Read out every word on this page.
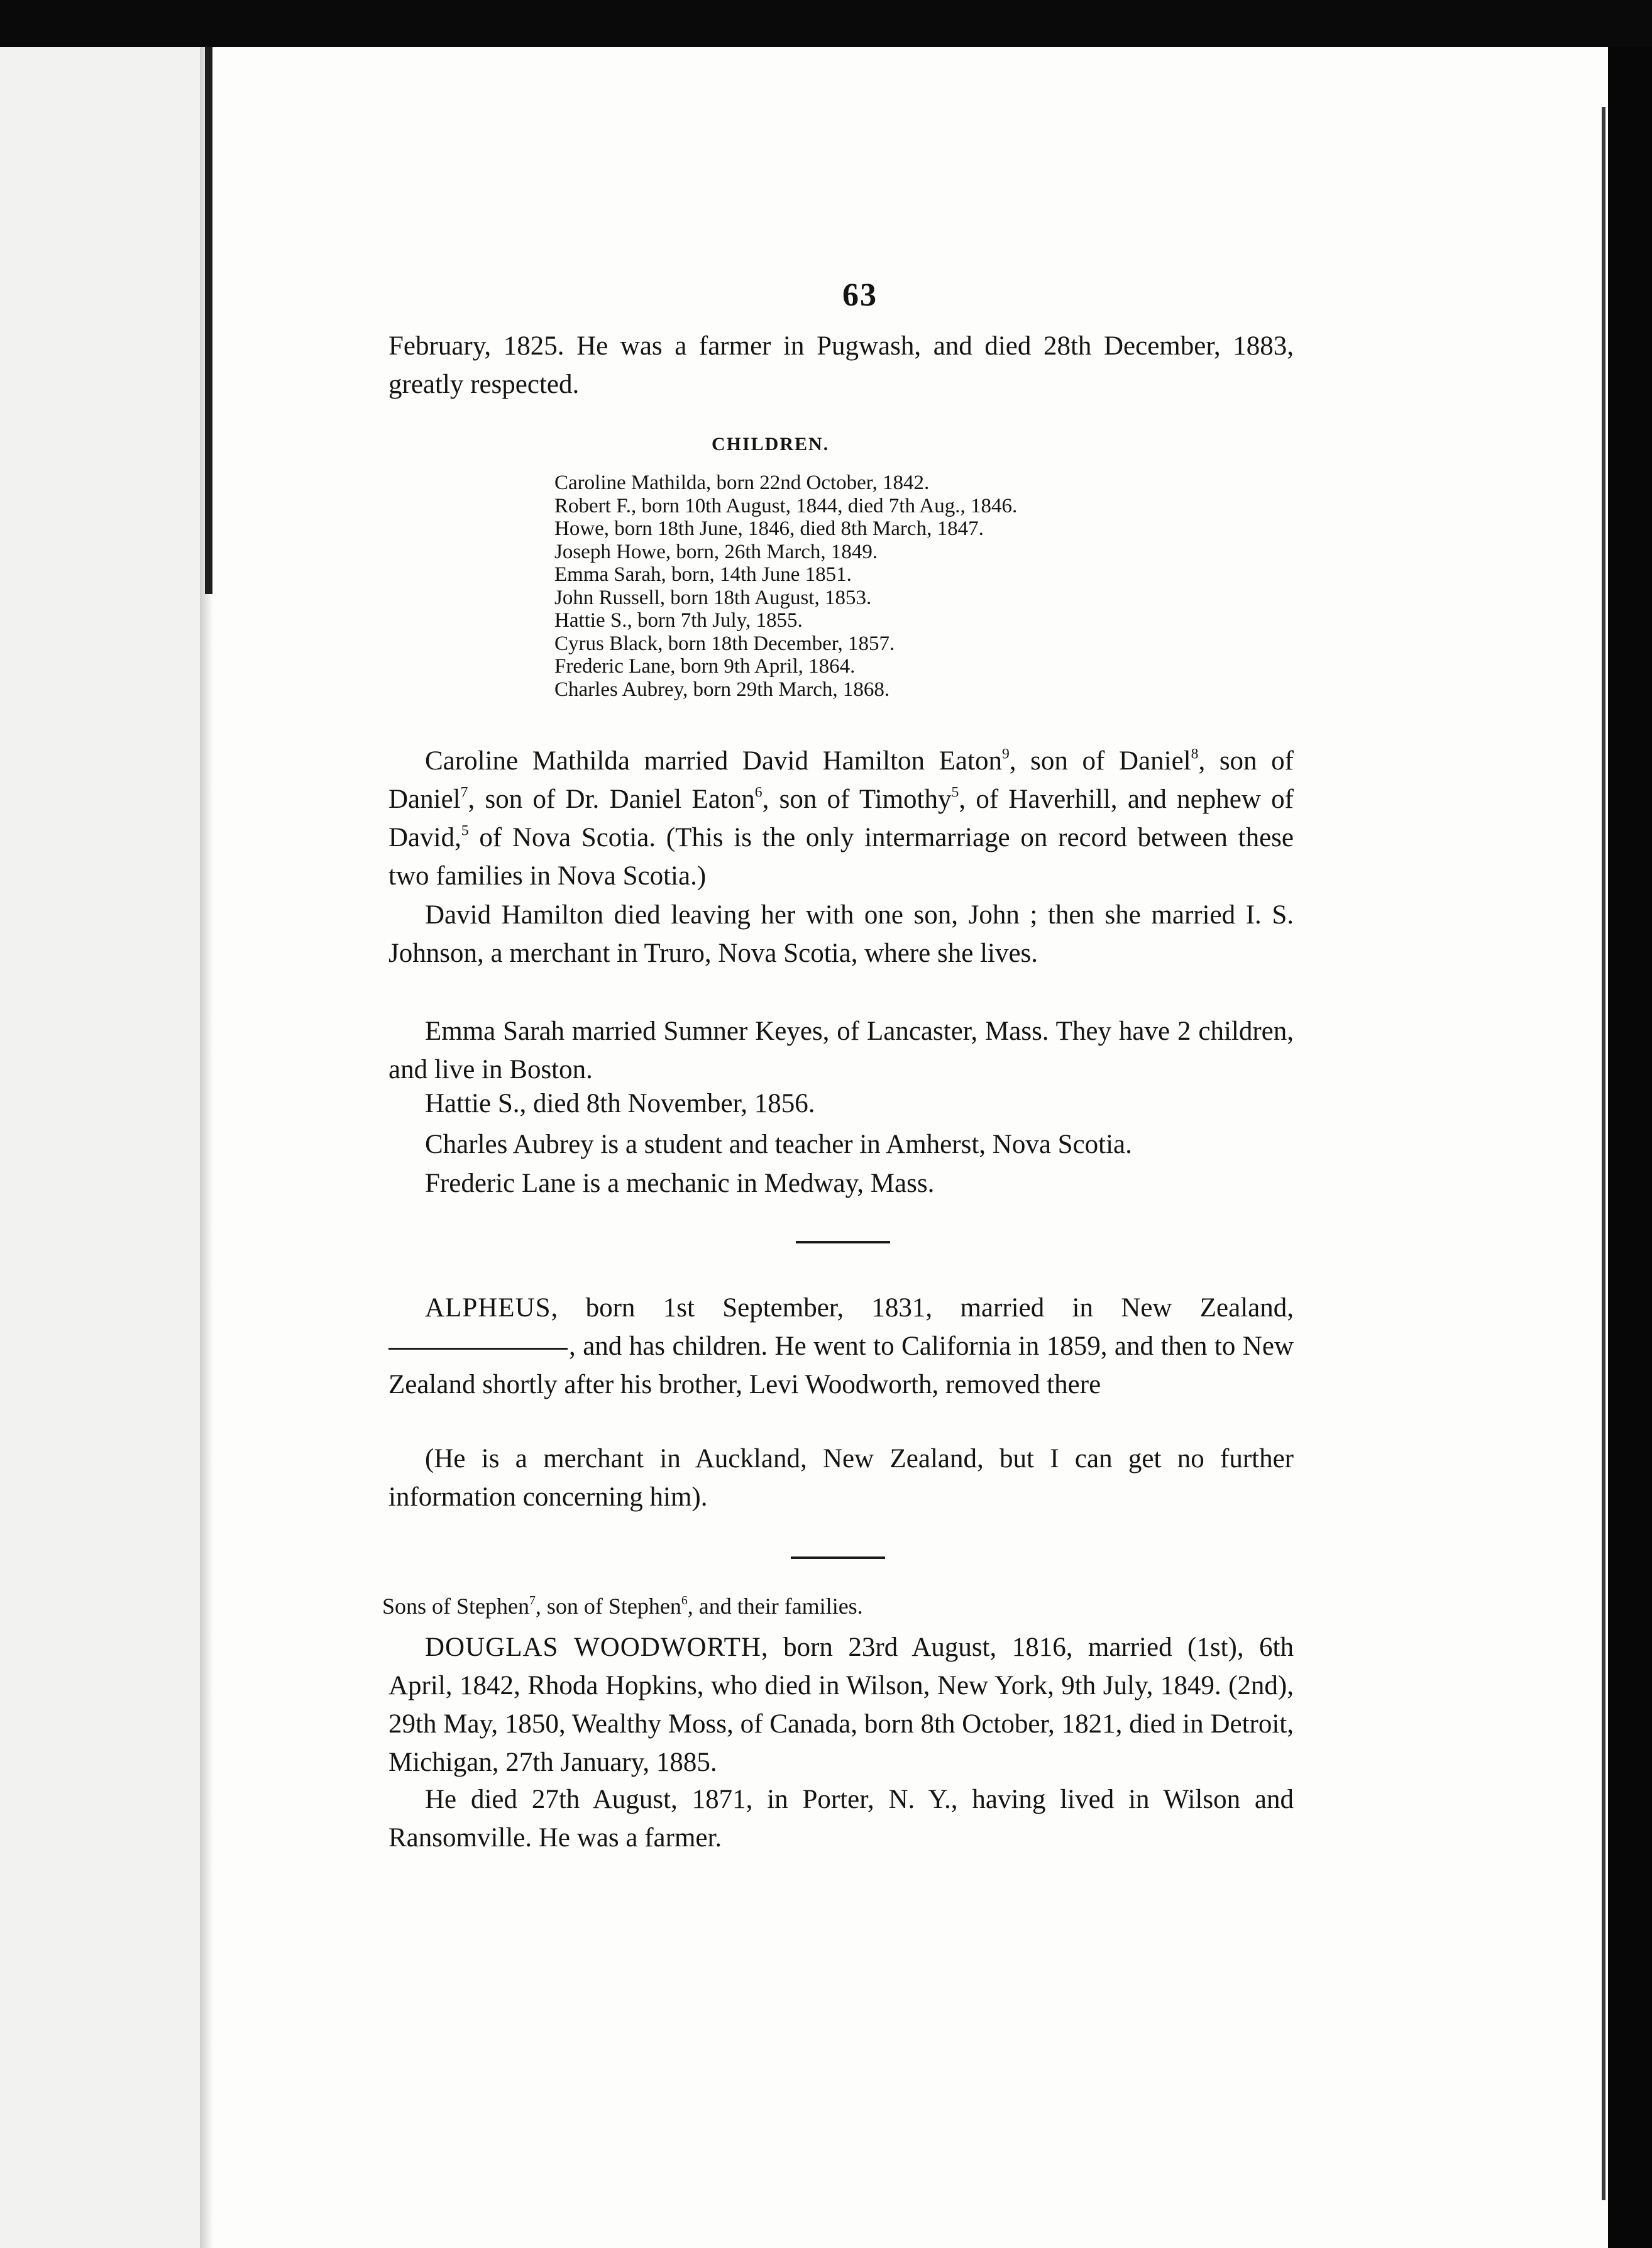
63

February, 1825. He was a farmer in Pugwash, and died 28th December, 1883, greatly respected.

CHILDREN.
Caroline Mathilda, born 22nd October, 1842.
Robert F., born 10th August, 1844, died 7th Aug., 1846.
Howe, born 18th June, 1846, died 8th March, 1847.
Joseph Howe, born, 26th March, 1849.
Emma Sarah, born, 14th June 1851.
John Russell, born 18th August, 1853.
Hattie S., born 7th July, 1855.
Cyrus Black, born 18th December, 1857.
Frederic Lane, born 9th April, 1864.
Charles Aubrey, born 29th March, 1868.

Caroline Mathilda married David Hamilton Eaton$^9$, son of Daniel$^8$, son of Daniel$^7$, son of Dr. Daniel Eaton$^6$, son of Timothy$^5$, of Haverhill, and nephew of David,$^5$ of Nova Scotia. (This is the only intermarriage on record between these two families in Nova Scotia.)

David Hamilton died leaving her with one son, John ; then she married I. S. Johnson, a merchant in Truro, Nova Scotia, where she lives.

Emma Sarah married Sumner Keyes, of Lancaster, Mass. They have 2 children, and live in Boston.

Hattie S., died 8th November, 1856.

Charles Aubrey is a student and teacher in Amherst, Nova Scotia.

Frederic Lane is a mechanic in Medway, Mass.

ALPHEUS, born 1st September, 1831, married in New Zealand, , and has children. He went to California in 1859, and then to New Zealand shortly after his brother, Levi Woodworth, removed there

(He is a merchant in Auckland, New Zealand, but I can get no further information concerning him).

Sons of Stephen$^7$, son of Stephen$^6$, and their families.

DOUGLAS WOODWORTH, born 23rd August, 1816, married (1st), 6th April, 1842, Rhoda Hopkins, who died in Wilson, New York, 9th July, 1849. (2nd), 29th May, 1850, Wealthy Moss, of Canada, born 8th October, 1821, died in Detroit, Michigan, 27th January, 1885.

He died 27th August, 1871, in Porter, N. Y., having lived in Wilson and Ransomville. He was a farmer.
